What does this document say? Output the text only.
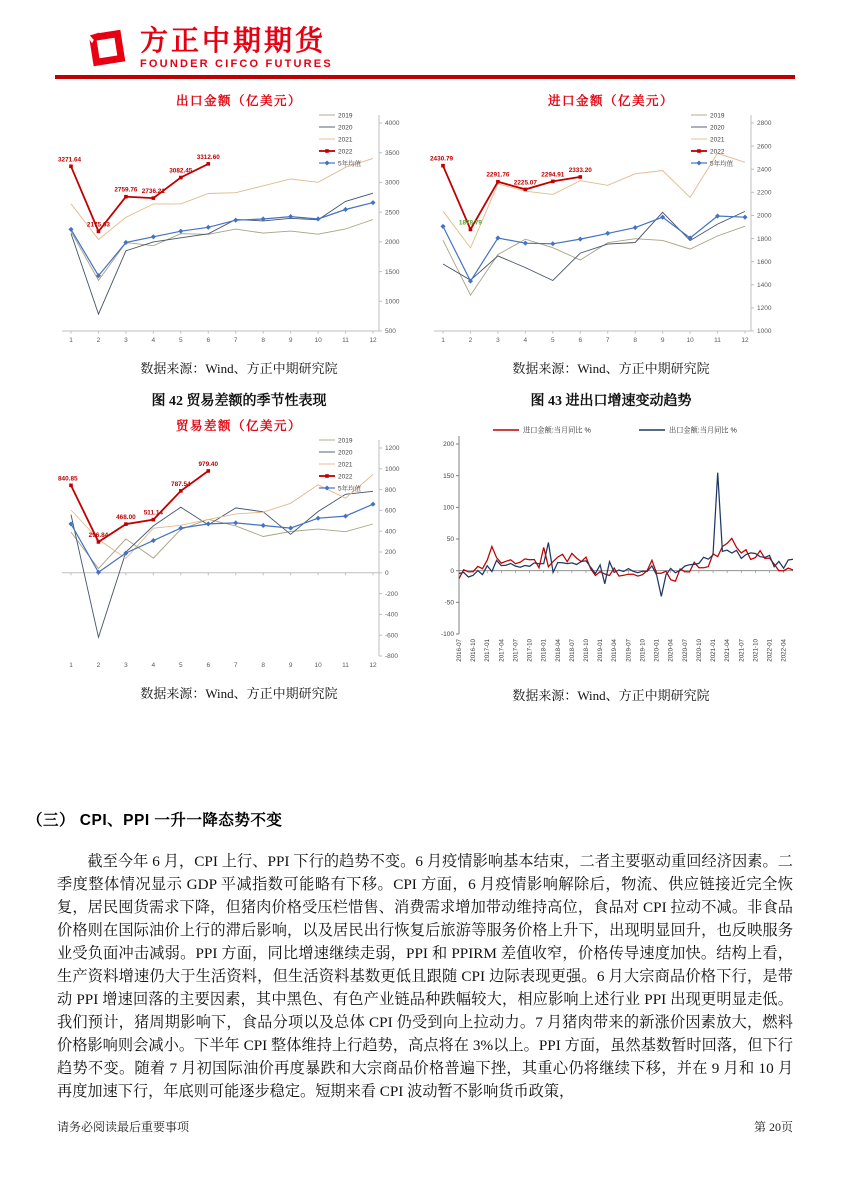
方正中期期货
FOUNDER CIFCO FUTURES
出口金额（亿美元）
500
1000
1500
2000
2500
3000
3500
4000
1	2	3	4	5	6	7	8	9	10	11	12
2019
2020
2021
2022
5年均值
3271.64
2175.63
2759.76 2736.21
3082.45
3312.60
数据来源：Wind、方正中期研究院
进口金额（亿美元）
1000
1200
1400
1600
1800
2000
2200
2400
2600
2800
1	2	3	4	5	6	7	8	9	10	11	12
2019
2020
2021
2022
5年均值
2430.79
1878.79
2291.76
2225.07
2294.91
2333.20
数据来源：Wind、方正中期研究院
图 42 贸易差额的季节性表现	图 43 进出口增速变动趋势
贸易差额（亿美元）
-800
-600
-400
-200
0
200
400
600
800
1000
1200
1	2	3	4	5	6	7	8	9	10	11	12
2019
2020
2021
2022
5年均值
840.85
296.84
468.00
511.14
787.54
979.40
数据来源：Wind、方正中期研究院
-100
-50
0
50
100
150
200
2016-07 2016-10 2017-01 2017-04 2017-07 2017-10 2018-01 2018-04 2018-07 2018-10 2019-01 2019-04 2019-07 2019-10 2020-01 2020-04 2020-07 2020-10 2021-01 2021-04 2021-07 2021-10 2022-01 2022-04
进口金额:当月同比 %	出口金额:当月同比 %
数据来源：Wind、方正中期研究院
（三） CPI、PPI 一升一降态势不变

截至今年 6 月，CPI 上行、PPI 下行的趋势不变。6 月疫情影响基本结束，二者主要驱动重回经济因素。二季度整体情况显示 GDP 平减指数可能略有下移。CPI 方面，6 月疫情影响解除后，物流、供应链接近完全恢复，居民囤货需求下降，但猪肉价格受压栏惜售、消费需求增加带动维持高位，食品对 CPI 拉动不减。非食品价格则在国际油价上行的滞后影响，以及居民出行恢复后旅游等服务价格上升下，出现明显回升，也反映服务业受负面冲击减弱。PPI 方面，同比增速继续走弱，PPI 和 PPIRM 差值收窄，价格传导速度加快。结构上看，生产资料增速仍大于生活资料，但生活资料基数更低且跟随 CPI 边际表现更强。6 月大宗商品价格下行，是带动 PPI 增速回落的主要因素，其中黑色、有色产业链品种跌幅较大，相应影响上述行业 PPI 出现更明显走低。我们预计，猪周期影响下，食品分项以及总体 CPI 仍受到向上拉动力。7 月猪肉带来的新涨价因素放大，燃料价格影响则会减小。下半年 CPI 整体维持上行趋势，高点将在 3%以上。PPI 方面，虽然基数暂时回落，但下行趋势不变。随着 7 月初国际油价再度暴跌和大宗商品价格普遍下挫，其重心仍将继续下移，并在 9 月和 10 月再度加速下行，年底则可能逐步稳定。短期来看 CPI 波动暂不影响货币政策，

请务必阅读最后重要事项	第 20页
